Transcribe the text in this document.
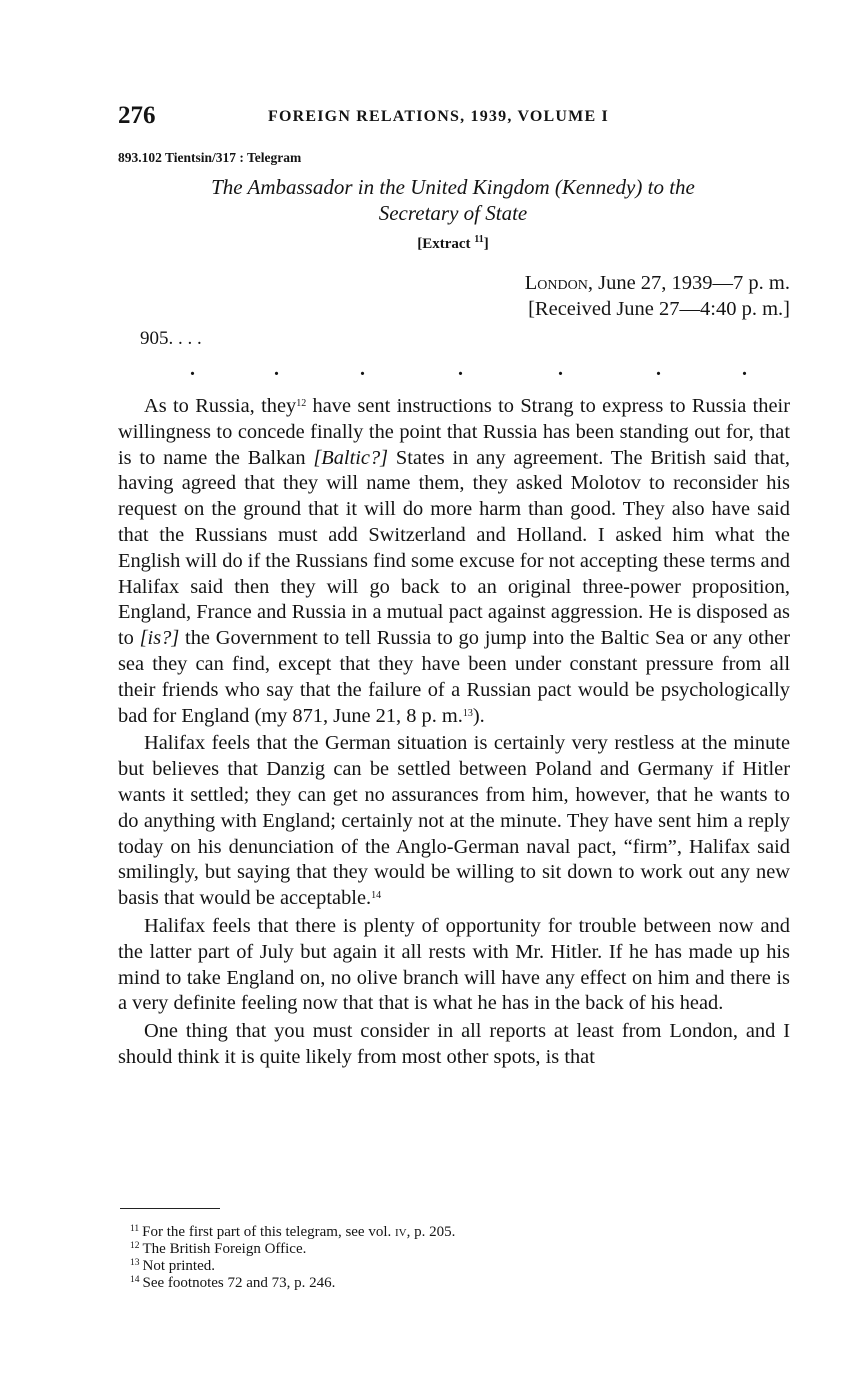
276	FOREIGN RELATIONS, 1939, VOLUME I
893.102 Tientsin/317 : Telegram
The Ambassador in the United Kingdom (Kennedy) to the
Secretary of State
[Extract $^{11}$]
London, June 27, 1939—7 p. m.
[Received June 27—4:40 p. m.]
905. . . .
.	.	.	.	.	.	.

As to Russia, they$^{12}$ have sent instructions to Strang to express to Russia their willingness to concede finally the point that Russia has been standing out for, that is to name the Balkan [Baltic?] States in any agreement. The British said that, having agreed that they will name them, they asked Molotov to reconsider his request on the ground that it will do more harm than good. They also have said that the Russians must add Switzerland and Holland. I asked him what the English will do if the Russians find some excuse for not accepting these terms and Halifax said then they will go back to an original three-power proposition, England, France and Russia in a mutual pact against aggression. He is disposed as to [is?] the Government to tell Russia to go jump into the Baltic Sea or any other sea they can find, except that they have been under constant pressure from all their friends who say that the failure of a Russian pact would be psychologically bad for England (my 871, June 21, 8 p. m.$^{13}$).

Halifax feels that the German situation is certainly very restless at the minute but believes that Danzig can be settled between Poland and Germany if Hitler wants it settled; they can get no assurances from him, however, that he wants to do anything with England; certainly not at the minute. They have sent him a reply today on his denunciation of the Anglo-German naval pact, “firm”, Halifax said smilingly, but saying that they would be willing to sit down to work out any new basis that would be acceptable.$^{14}$

Halifax feels that there is plenty of opportunity for trouble between now and the latter part of July but again it all rests with Mr. Hitler. If he has made up his mind to take England on, no olive branch will have any effect on him and there is a very definite feeling now that that is what he has in the back of his head.

One thing that you must consider in all reports at least from London, and I should think it is quite likely from most other spots, is that

$^{11}$ For the first part of this telegram, see vol. iv, p. 205.
$^{12}$ The British Foreign Office.
$^{13}$ Not printed.
$^{14}$ See footnotes 72 and 73, p. 246.
